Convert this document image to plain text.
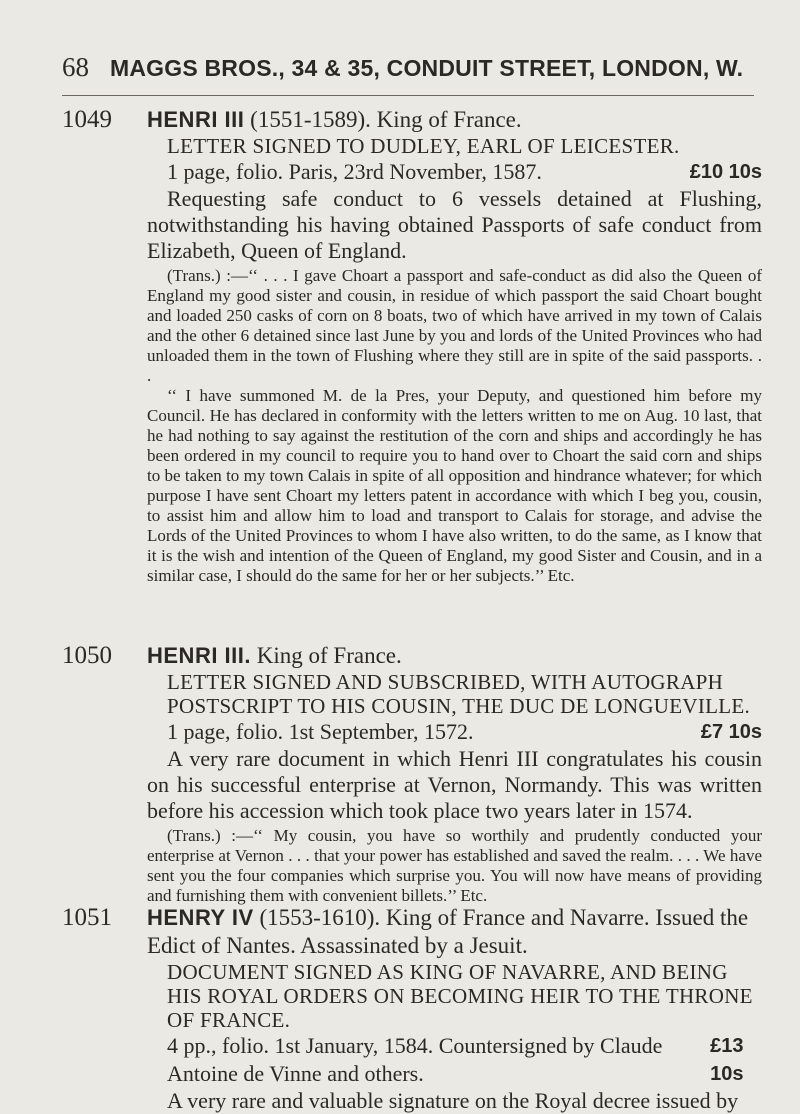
68 MAGGS BROS., 34 & 35, CONDUIT STREET, LONDON, W.
1049 HENRI III (1551-1589). King of France.
LETTER SIGNED TO DUDLEY, EARL OF LEICESTER.
1 page, folio. Paris, 23rd November, 1587.	£10 10s

Requesting safe conduct to 6 vessels detained at Flushing, notwithstanding his having obtained Passports of safe conduct from Elizabeth, Queen of England.

(Trans.) :—‘‘ . . . I gave Choart a passport and safe-conduct as did also the Queen of England my good sister and cousin, in residue of which passport the said Choart bought and loaded 250 casks of corn on 8 boats, two of which have arrived in my town of Calais and the other 6 detained since last June by you and lords of the United Provinces who had unloaded them in the town of Flushing where they still are in spite of the said passports. . .

‘‘ I have summoned M. de la Pres, your Deputy, and questioned him before my Council. He has declared in conformity with the letters written to me on Aug. 10 last, that he had nothing to say against the restitution of the corn and ships and accordingly he has been ordered in my council to require you to hand over to Choart the said corn and ships to be taken to my town Calais in spite of all opposition and hindrance whatever; for which purpose I have sent Choart my letters patent in accordance with which I beg you, cousin, to assist him and allow him to load and transport to Calais for storage, and advise the Lords of the United Provinces to whom I have also written, to do the same, as I know that it is the wish and intention of the Queen of England, my good Sister and Cousin, and in a similar case, I should do the same for her or her subjects.’’ Etc.

1050 HENRI III. King of France.
LETTER SIGNED AND SUBSCRIBED, WITH AUTOGRAPH POSTSCRIPT TO HIS COUSIN, THE DUC DE LONGUEVILLE.
1 page, folio. 1st September, 1572.	£7 10s

A very rare document in which Henri III congratulates his cousin on his successful enterprise at Vernon, Normandy. This was written before his accession which took place two years later in 1574.

(Trans.) :—‘‘ My cousin, you have so worthily and prudently conducted your enterprise at Vernon . . . that your power has established and saved the realm. . . . We have sent you the four companies which surprise you. You will now have means of providing and furnishing them with convenient billets.’’ Etc.

1051 HENRY IV (1553-1610). King of France and Navarre. Issued the Edict of Nantes. Assassinated by a Jesuit.
DOCUMENT SIGNED AS KING OF NAVARRE, AND BEING HIS ROYAL ORDERS ON BECOMING HEIR TO THE THRONE OF FRANCE.
4 pp., folio. 1st January, 1584. Countersigned by Claude Antoine de Vinne and others.
£13 10s

A very rare and valuable signature on the Royal decree issued by
